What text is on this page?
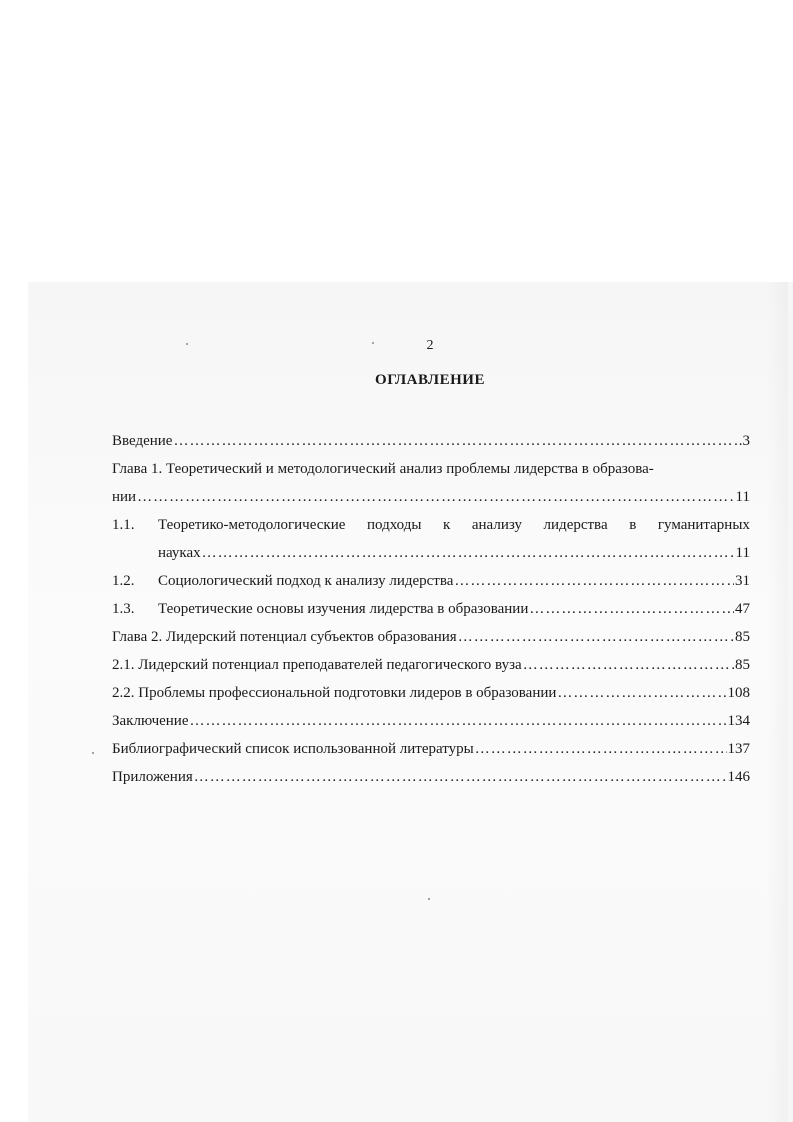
2
ОГЛАВЛЕНИЕ
Введение ……………………………………………………………………………………………………………………………………………	.3
Глава 1. Теоретический и методологический анализ проблемы лидерства в образова-
нии ……………………………………………………………………………………………………………………………………………	11
1.1.	Теоретико-методологические подходы к анализу лидерства в гуманитарных
науках ……………………………………………………………………………………………………………………………………………	11
1.2.	Социологический подход к анализу лидерства ……………………………………………………………………………………………………………………………………………	31
1.3.	Теоретические основы изучения лидерства в образовании ……………………………………………………………………………………………………………………………………………	47
Глава 2. Лидерский потенциал субъектов образования ……………………………………………………………………………………………………………………………………………	85
2.1. Лидерский потенциал преподавателей педагогического вуза ……………………………………………………………………………………………………………………………………………	85
2.2. Проблемы профессиональной подготовки лидеров в образовании ……………………………………………………………………………………………………………………………………………	108
Заключение ……………………………………………………………………………………………………………………………………………	134
Библиографический список использованной литературы ……………………………………………………………………………………………………………………………………………	137
Приложения ……………………………………………………………………………………………………………………………………………	146
